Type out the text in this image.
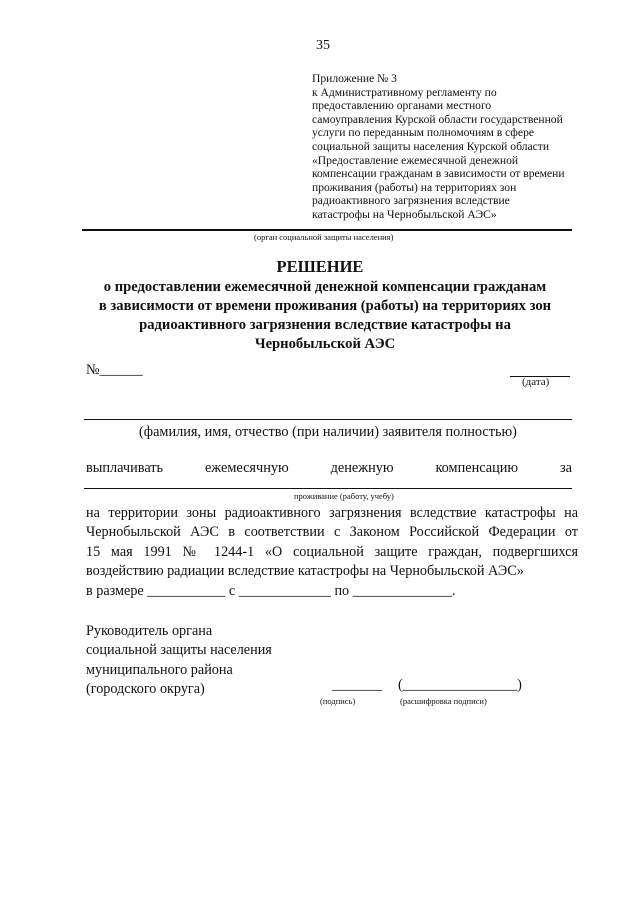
35
Приложение № 3
к Административному регламенту по
предоставлению органами местного
самоуправления Курской области государственной
услуги по переданным полномочиям в сфере
социальной защиты населения Курской области
«Предоставление ежемесячной денежной
компенсации гражданам в зависимости от времени
проживания (работы) на территориях зон
радиоактивного загрязнения вследствие
катастрофы на Чернобыльской АЭС»
(орган социальной защиты населения)
РЕШЕНИЕ
о предоставлении ежемесячной денежной компенсации гражданам
в зависимости от времени проживания (работы) на территориях зон
радиоактивного загрязнения вследствие катастрофы на
Чернобыльской АЭС
№______
(дата)
(фамилия, имя, отчество (при наличии) заявителя полностью)
выплачивать	ежемесячную	денежную	компенсацию	за
проживание (работу, учебу)
на территории зоны радиоактивного загрязнения вследствие катастрофы на
Чернобыльской АЭС в соответствии с Законом Российской Федерации от
15 мая 1991 № 1244-1 «О социальной защите граждан, подвергшихся
воздействию радиации вследствие катастрофы на Чернобыльской АЭС»
в размере ___________ с _____________ по ______________.
Руководитель органа
социальной защиты населения
муниципального района
(городского округа)	_______
(подпись)
(________________)
(расшифровка подписи)
